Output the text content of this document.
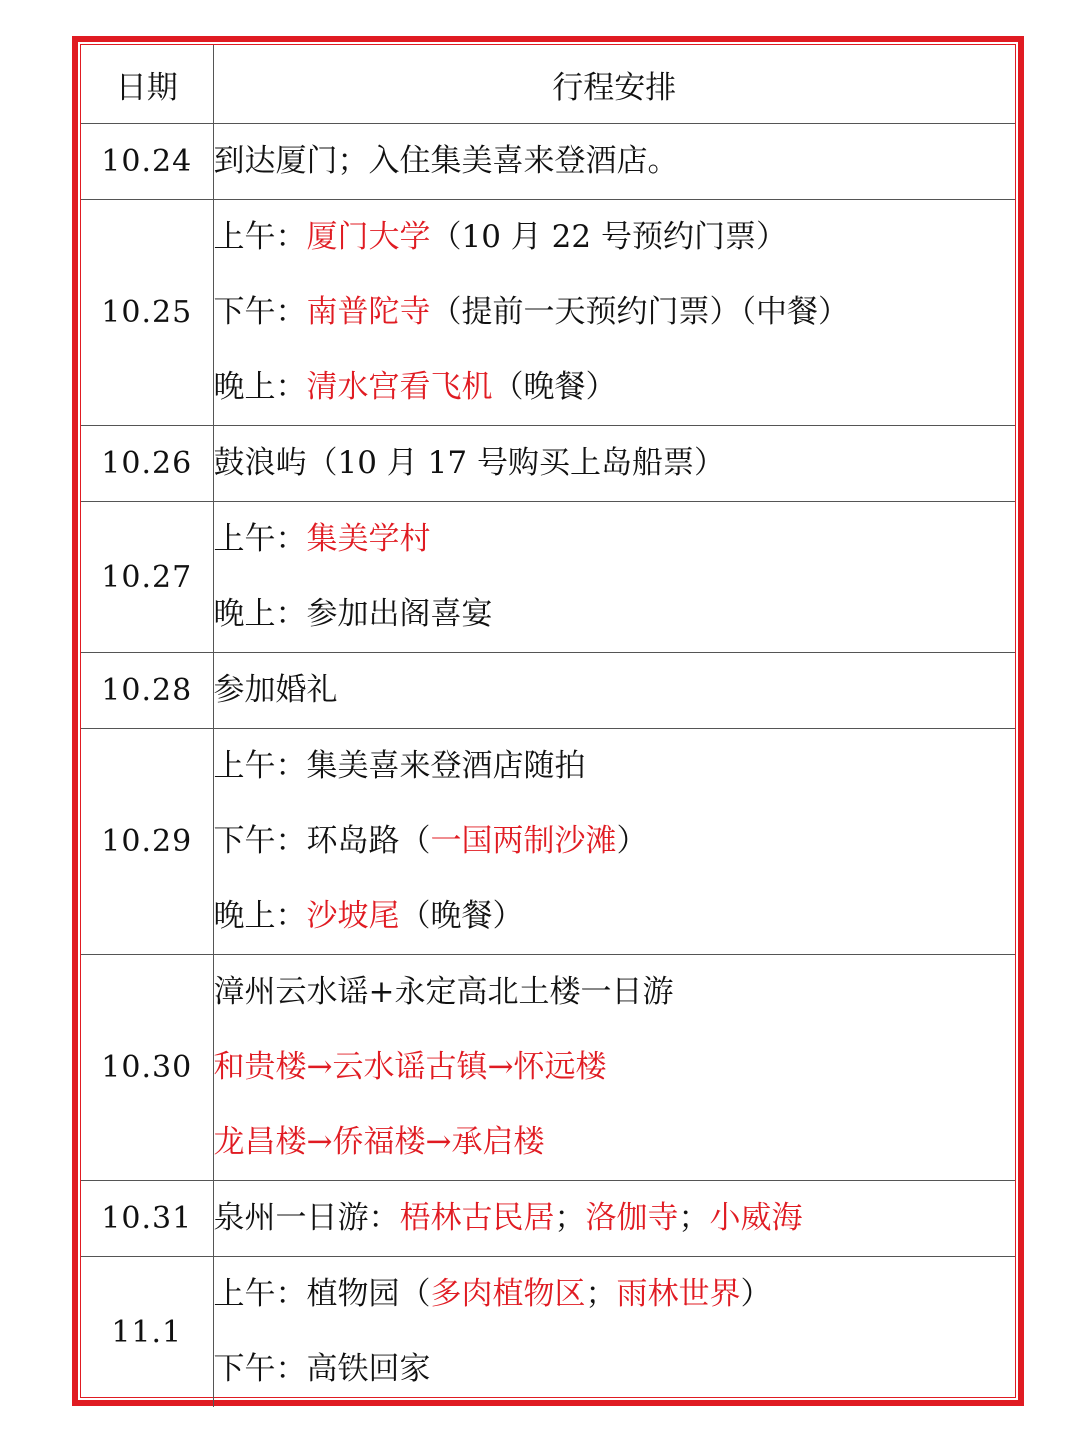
日期	行程安排
10.24	到达厦门；入住集美喜来登酒店。

10.25	上午：厦门大学（10 月 22 号预约门票）
下午：南普陀寺（提前一天预约门票）（中餐）
晚上：清水宫看飞机（晚餐）

10.26	鼓浪屿（10 月 17 号购买上岛船票）

10.27	上午：集美学村
晚上：参加出阁喜宴

10.28	参加婚礼

10.29	上午：集美喜来登酒店随拍
下午：环岛路（一国两制沙滩）
晚上：沙坡尾（晚餐）

10.30	漳州云水谣+永定高北土楼一日游
和贵楼→云水谣古镇→怀远楼
龙昌楼→侨福楼→承启楼

10.31	泉州一日游：梧林古民居；洛伽寺；小威海

11.1	上午：植物园（多肉植物区；雨林世界）
下午：高铁回家
